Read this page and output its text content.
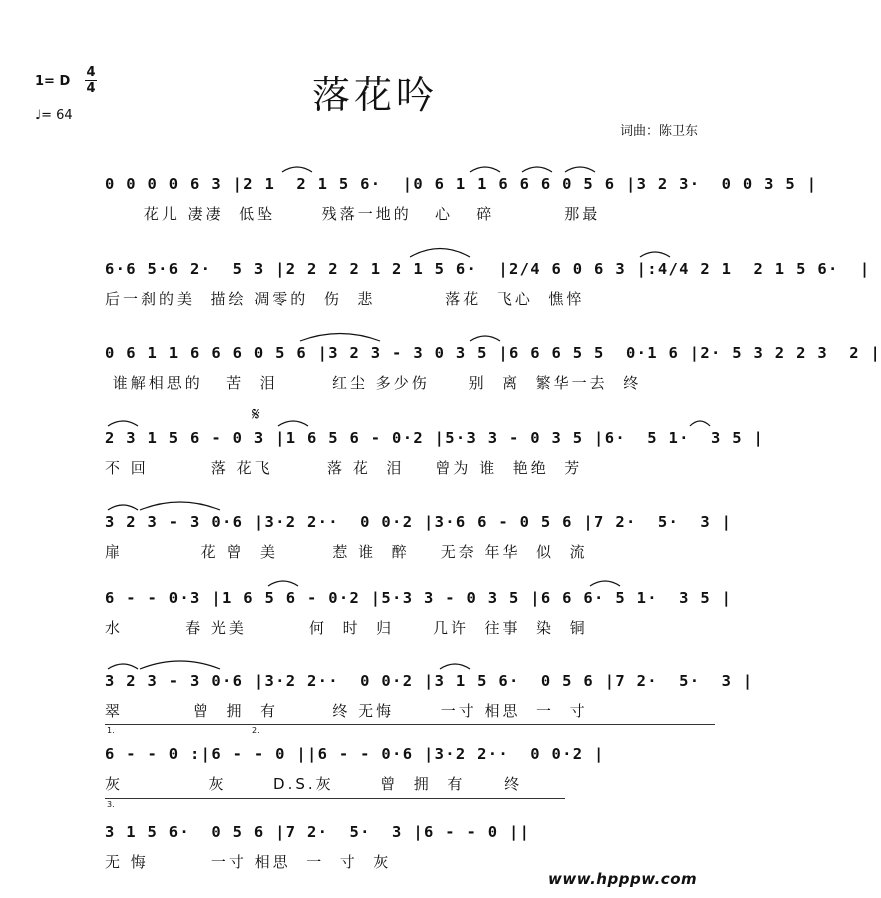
1= D
4
4
♩= 64	落花吟
词曲：陈卫东
0 0 0 0 6 3 |2 1  2 1 5 6·  |0 6 1 1 6 6 6 0 5 6 |3 2 3·  0 0 3 5 |
花儿 凄凄  低坠      残落一地的   心   碎         那最
6·6 5·6 2·  5 3 |2 2 2 2 1 2 1 5 6·  |2/4 6 0 6 3 |:4/4 2 1  2 1 5 6·  |
后一刹的美  描绘 凋零的  伤  悲         落花  飞心  憔悴
0 6 1 1 6 6 6 0 5 6 |3 2 3 - 3 0 3 5 |6 6 6 5 5  0·1 6 |2· 5 3 2 2 3  2 |
谁解相思的   苦  泪       红尘 多少伤     别  离  繁华一去  终
2 3 1 5 6 - 0 3 |1 6 5 6 - 0·2 |5·3 3 - 0 3 5 |6·  5 1·  3 5 |
不 回        落 花飞       落 花  泪    曾为 谁  艳绝  芳
3 2 3 - 3 0·6 |3·2 2··  0 0·2 |3·6 6 - 0 5 6 |7 2·  5·  3 |
扉          花 曾  美       惹 谁  醉    无奈 年华  似  流
6 - - 0·3 |1 6 5 6 - 0·2 |5·3 3 - 0 3 5 |6 6 6· 5 1·  3 5 |
水        春 光美        何  时  归     几许  往事  染  铜
3 2 3 - 3 0·6 |3·2 2··  0 0·2 |3 1 5 6·  0 5 6 |7 2·  5·  3 |
翠         曾  拥  有       终 无悔      一寸 相思  一  寸
1.	2.
6 - - 0 :|6 - - 0 ||6 - - 0·6 |3·2 2··  0 0·2 |
灰           灰      D.S.灰      曾  拥  有     终
3.
3 1 5 6·  0 5 6 |7 2·  5·  3 |6 - - 0 ||
无 悔        一寸 相思  一  寸  灰
𝄋
www.hpppw.com
